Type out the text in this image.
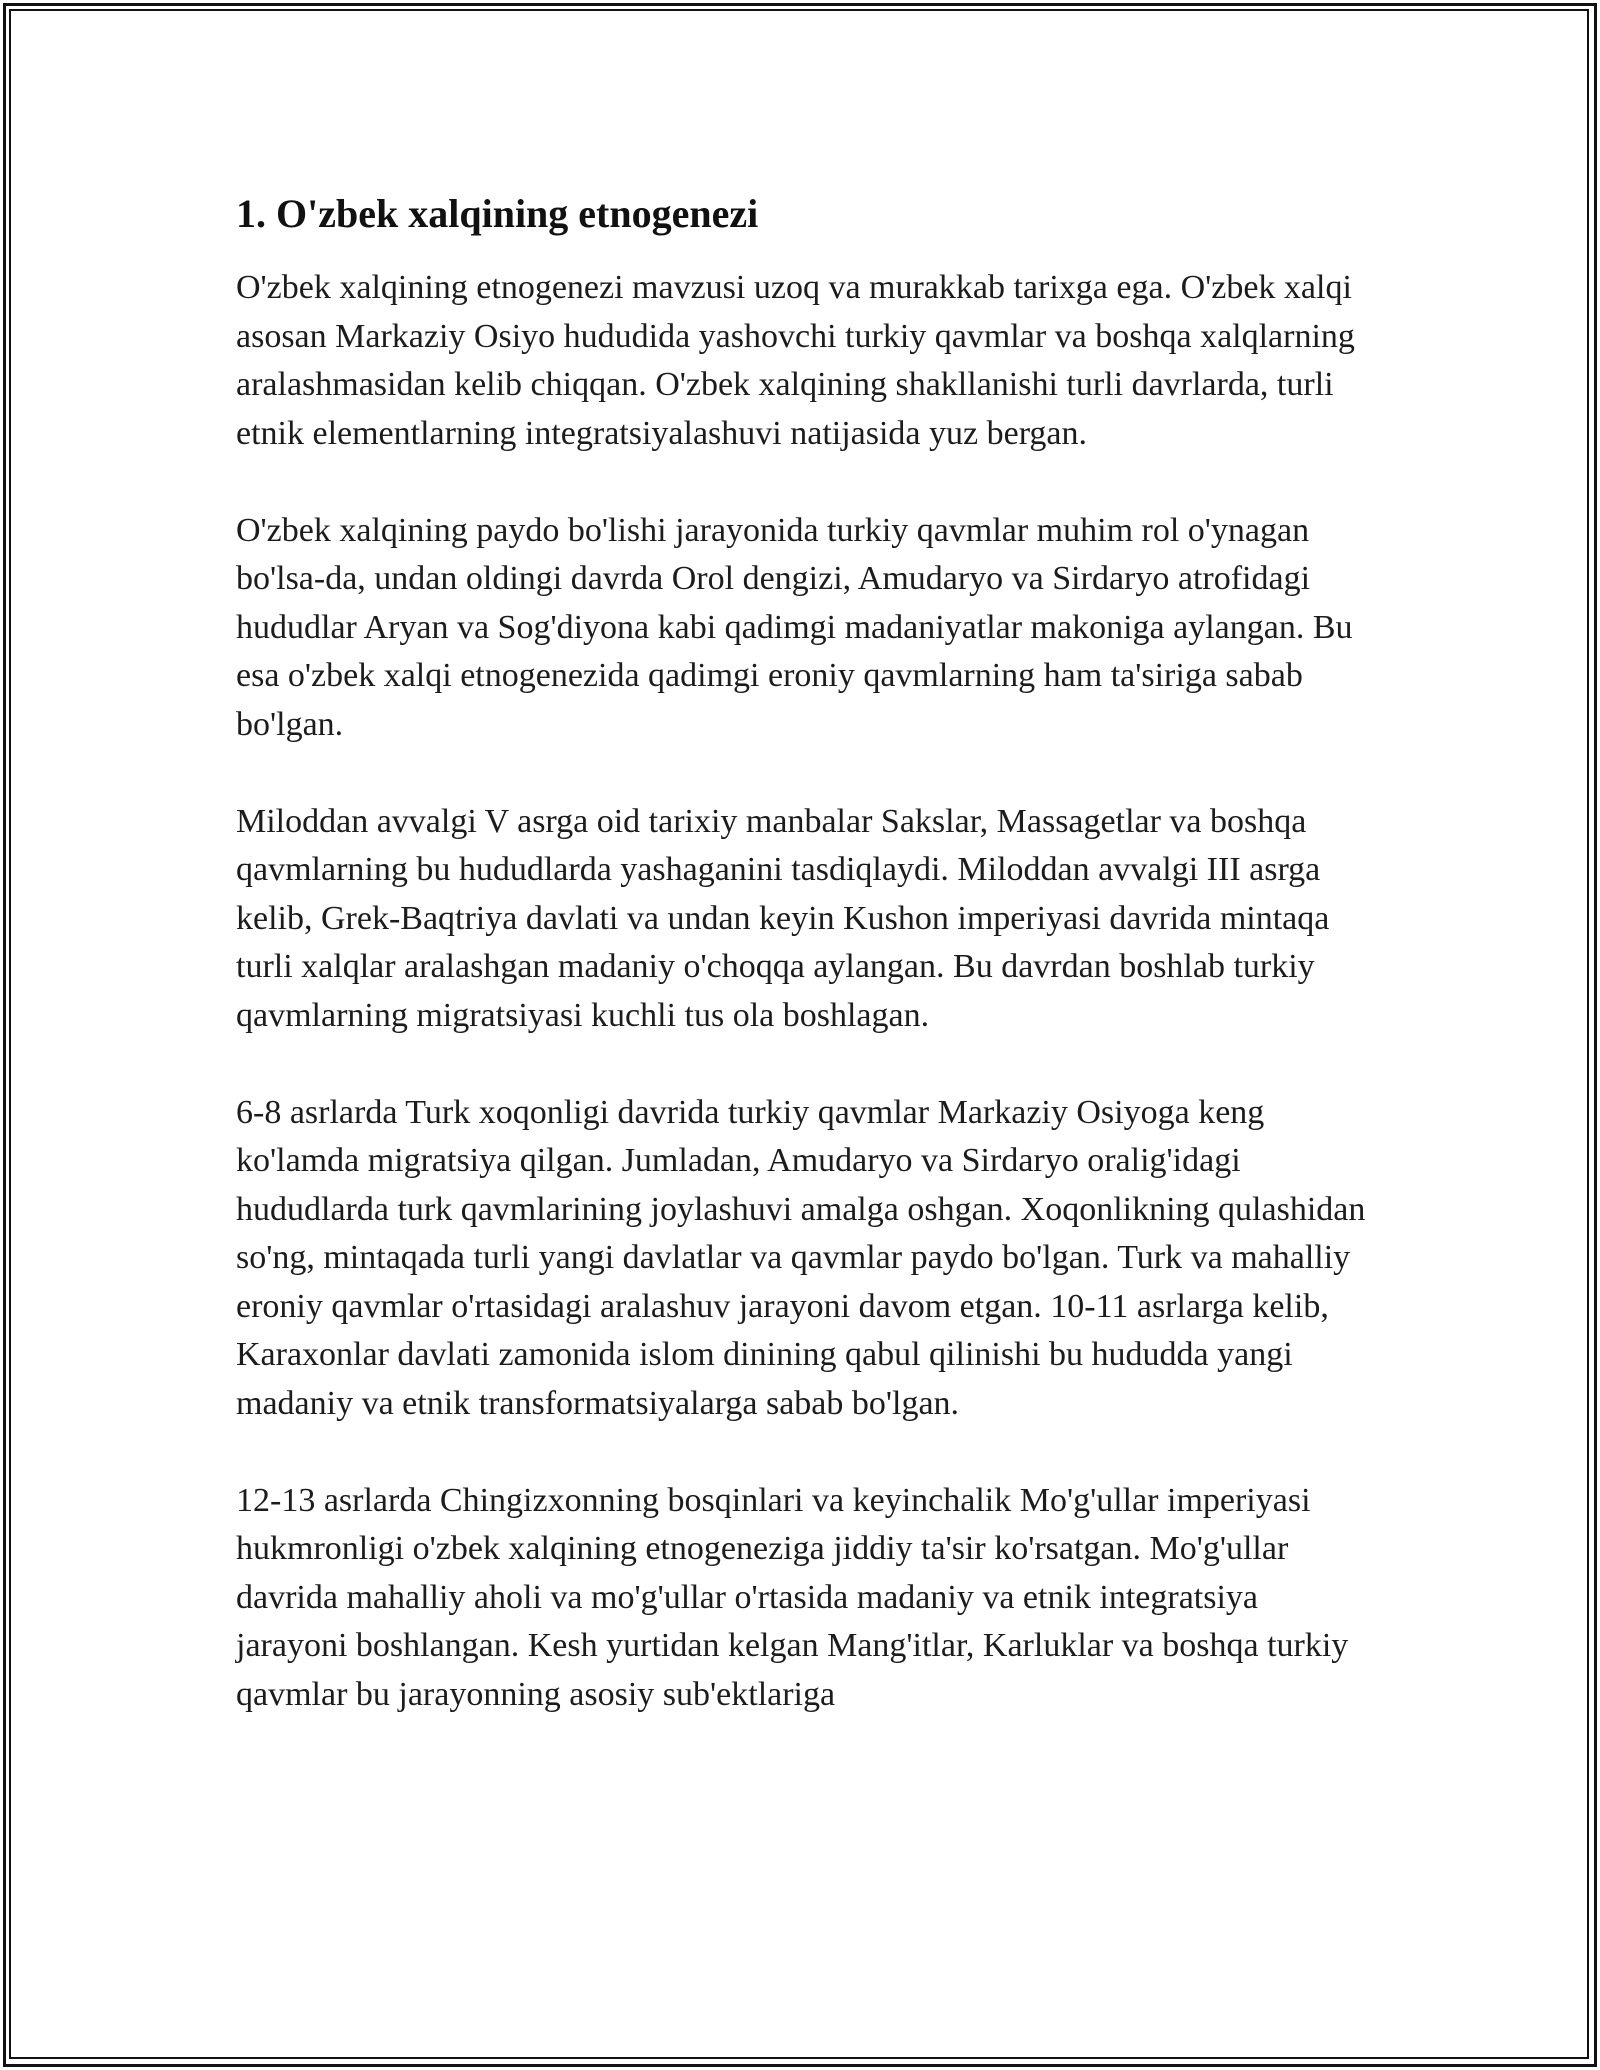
1. O'zbek xalqining etnogenezi

O'zbek xalqining etnogenezi mavzusi uzoq va murakkab tarixga ega. O'zbek xalqi asosan Markaziy Osiyo hududida yashovchi turkiy qavmlar va boshqa xalqlarning aralashmasidan kelib chiqqan. O'zbek xalqining shakllanishi turli davrlarda, turli etnik elementlarning integratsiyalashuvi natijasida yuz bergan.

O'zbek xalqining paydo bo'lishi jarayonida turkiy qavmlar muhim rol o'ynagan bo'lsa-da, undan oldingi davrda Orol dengizi, Amudaryo va Sirdaryo atrofidagi hududlar Aryan va Sog'diyona kabi qadimgi madaniyatlar makoniga aylangan. Bu esa o'zbek xalqi etnogenezida qadimgi eroniy qavmlarning ham ta'siriga sabab bo'lgan.

Miloddan avvalgi V asrga oid tarixiy manbalar Sakslar, Massagetlar va boshqa qavmlarning bu hududlarda yashaganini tasdiqlaydi. Miloddan avvalgi III asrga kelib, Grek-Baqtriya davlati va undan keyin Kushon imperiyasi davrida mintaqa turli xalqlar aralashgan madaniy o'choqqa aylangan. Bu davrdan boshlab turkiy qavmlarning migratsiyasi kuchli tus ola boshlagan.

6-8 asrlarda Turk xoqonligi davrida turkiy qavmlar Markaziy Osiyoga keng ko'lamda migratsiya qilgan. Jumladan, Amudaryo va Sirdaryo oralig'idagi hududlarda turk qavmlarining joylashuvi amalga oshgan. Xoqonlikning qulashidan so'ng, mintaqada turli yangi davlatlar va qavmlar paydo bo'lgan. Turk va mahalliy eroniy qavmlar o'rtasidagi aralashuv jarayoni davom etgan. 10-11 asrlarga kelib, Karaxonlar davlati zamonida islom dinining qabul qilinishi bu hududda yangi madaniy va etnik transformatsiyalarga sabab bo'lgan.

12-13 asrlarda Chingizxonning bosqinlari va keyinchalik Mo'g'ullar imperiyasi hukmronligi o'zbek xalqining etnogeneziga jiddiy ta'sir ko'rsatgan. Mo'g'ullar davrida mahalliy aholi va mo'g'ullar o'rtasida madaniy va etnik integratsiya jarayoni boshlangan. Kesh yurtidan kelgan Mang'itlar, Karluklar va boshqa turkiy qavmlar bu jarayonning asosiy sub'ektlariga
